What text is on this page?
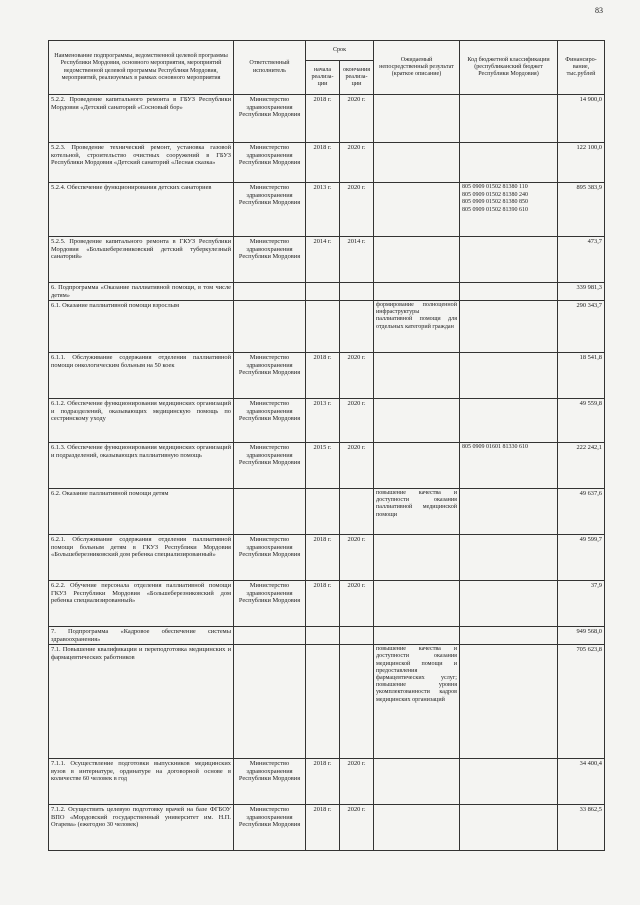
83
Наименование подпрограммы, ведомственной целевой программы Республики Мордовия, основного мероприятия, мероприятий ведомственной целевой программы Республики Мордовия, мероприятий, реализуемых в рамках основного мероприятия	Ответственный исполнитель	Срок		Ожидаемый непосредственный результат (краткое описание)	Код бюджетной классификации (республиканский бюджет Республики Мордовия)	Финансиро-вание, тыс.рублей
		начала реализа-ции	окончания реализа-ции			
5.2.2. Проведение капитального ремонта в ГБУЗ Республики Мордовия «Детский санаторий «Сосновый бор»	Министерство здравоохранения Республики Мордовия	2018 г.	2020 г.			14 900,0
5.2.3. Проведение технический ремонт, установка газовой котельной, строительство очистных сооружений в ГБУЗ Республики Мордовия «Детский санаторий «Лесная сказка»	Министерство здравоохранения Республики Мордовия	2018 г.	2020 г.			122 100,0
5.2.4. Обеспечение функционирования детских санаториев	Министерство здравоохранения Республики Мордовия	2013 г.	2020 г.		805 0909 01502 81380 110
805 0909 01502 81380 240
805 0909 01502 81380 850
805 0909 01502 81390 610	895 383,9
5.2.5. Проведение капитального ремонта в ГКУЗ Республики Мордовия «Большеберезниковский детский туберкулезный санаторий»	Министерство здравоохранения Республики Мордовия	2014 г.	2014 г.			473,7
6. Подпрограмма «Оказание паллиативной помощи, в том числе детям»						339 981,3
6.1. Оказание паллиативной помощи взрослым				формирование полноценной инфраструктуры паллиативной помощи для отдельных категорий граждан		290 343,7
6.1.1. Обслуживание содержания отделения паллиативной помощи онкологическим больным на 50 коек	Министерство здравоохранения Республики Мордовия	2018 г.	2020 г.			18 541,8
6.1.2. Обеспечение функционирования медицинских организаций и подразделений, оказывающих медицинскую помощь по сестринскому уходу	Министерство здравоохранения Республики Мордовия	2013 г.	2020 г.			49 559,8
6.1.3. Обеспечение функционирования медицинских организаций и подразделений, оказывающих паллиативную помощь	Министерство здравоохранения Республики Мордовия	2015 г.	2020 г.		805 0909 01601 81330 610	222 242,1
6.2. Оказание паллиативной помощи детям				повышение качества и доступности оказания паллиативной медицинской помощи		49 637,6
6.2.1. Обслуживание содержания отделения паллиативной помощи больным детям в ГКУЗ Республики Мордовия «Большеберезниковский дом ребенка специализированный»	Министерство здравоохранения Республики Мордовия	2018 г.	2020 г.			49 599,7
6.2.2. Обучение персонала отделения паллиативной помощи ГКУЗ Республики Мордовия «Большеберезниковский дом ребенка специализированный»	Министерство здравоохранения Республики Мордовия	2018 г.	2020 г.			37,9
7. Подпрограмма «Кадровое обеспечение системы здравоохранения»						949 568,0
7.1. Повышение квалификации и переподготовка медицинских и фармацевтических работников				повышение качества и доступности оказания медицинской помощи и предоставления фармацевтических услуг; повышение уровня укомплектованности кадров медицинских организаций		705 623,8
7.1.1. Осуществление подготовки выпускников медицинских вузов в интернатуре, ординатуре на договорной основе в количестве 60 человек в год	Министерство здравоохранения Республики Мордовия	2018 г.	2020 г.			34 400,4
7.1.2. Осуществить целевую подготовку врачей на базе ФГБОУ ВПО «Мордовский государственный университет им. Н.П. Огарева» (ежегодно 30 человек)	Министерство здравоохранения Республики Мордовия	2018 г.	2020 г.			33 862,5
